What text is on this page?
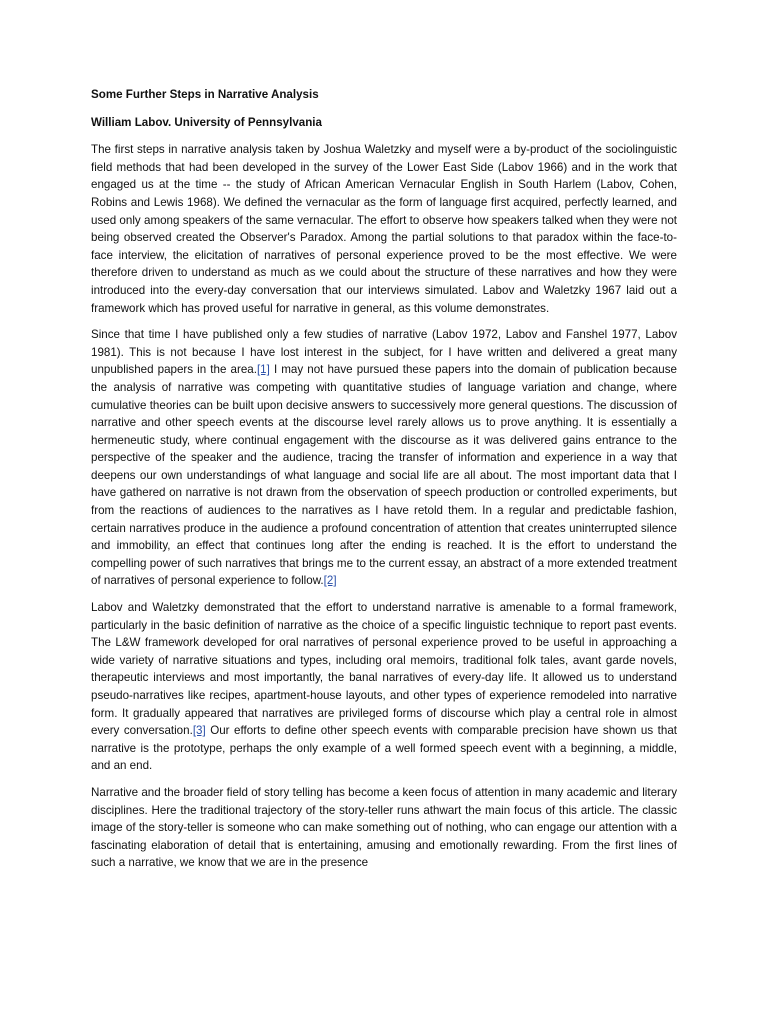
Some Further Steps in Narrative Analysis

William Labov. University of Pennsylvania

The first steps in narrative analysis taken by Joshua Waletzky and myself were a by-product of the sociolinguistic field methods that had been developed in the survey of the Lower East Side (Labov 1966) and in the work that engaged us at the time -- the study of African American Vernacular English in South Harlem (Labov, Cohen, Robins and Lewis 1968). We defined the vernacular as the form of language first acquired, perfectly learned, and used only among speakers of the same vernacular. The effort to observe how speakers talked when they were not being observed created the Observer's Paradox. Among the partial solutions to that paradox within the face-to-face interview, the elicitation of narratives of personal experience proved to be the most effective. We were therefore driven to understand as much as we could about the structure of these narratives and how they were introduced into the every-day conversation that our interviews simulated. Labov and Waletzky 1967 laid out a framework which has proved useful for narrative in general, as this volume demonstrates.

Since that time I have published only a few studies of narrative (Labov 1972, Labov and Fanshel 1977, Labov 1981). This is not because I have lost interest in the subject, for I have written and delivered a great many unpublished papers in the area.[1] I may not have pursued these papers into the domain of publication because the analysis of narrative was competing with quantitative studies of language variation and change, where cumulative theories can be built upon decisive answers to successively more general questions. The discussion of narrative and other speech events at the discourse level rarely allows us to prove anything. It is essentially a hermeneutic study, where continual engagement with the discourse as it was delivered gains entrance to the perspective of the speaker and the audience, tracing the transfer of information and experience in a way that deepens our own understandings of what language and social life are all about. The most important data that I have gathered on narrative is not drawn from the observation of speech production or controlled experiments, but from the reactions of audiences to the narratives as I have retold them. In a regular and predictable fashion, certain narratives produce in the audience a profound concentration of attention that creates uninterrupted silence and immobility, an effect that continues long after the ending is reached. It is the effort to understand the compelling power of such narratives that brings me to the current essay, an abstract of a more extended treatment of narratives of personal experience to follow.[2]

Labov and Waletzky demonstrated that the effort to understand narrative is amenable to a formal framework, particularly in the basic definition of narrative as the choice of a specific linguistic technique to report past events. The L&W framework developed for oral narratives of personal experience proved to be useful in approaching a wide variety of narrative situations and types, including oral memoirs, traditional folk tales, avant garde novels, therapeutic interviews and most importantly, the banal narratives of every-day life. It allowed us to understand pseudo-narratives like recipes, apartment-house layouts, and other types of experience remodeled into narrative form. It gradually appeared that narratives are privileged forms of discourse which play a central role in almost every conversation.[3] Our efforts to define other speech events with comparable precision have shown us that narrative is the prototype, perhaps the only example of a well formed speech event with a beginning, a middle, and an end.

Narrative and the broader field of story telling has become a keen focus of attention in many academic and literary disciplines. Here the traditional trajectory of the story-teller runs athwart the main focus of this article. The classic image of the story-teller is someone who can make something out of nothing, who can engage our attention with a fascinating elaboration of detail that is entertaining, amusing and emotionally rewarding. From the first lines of such a narrative, we know that we are in the presence
